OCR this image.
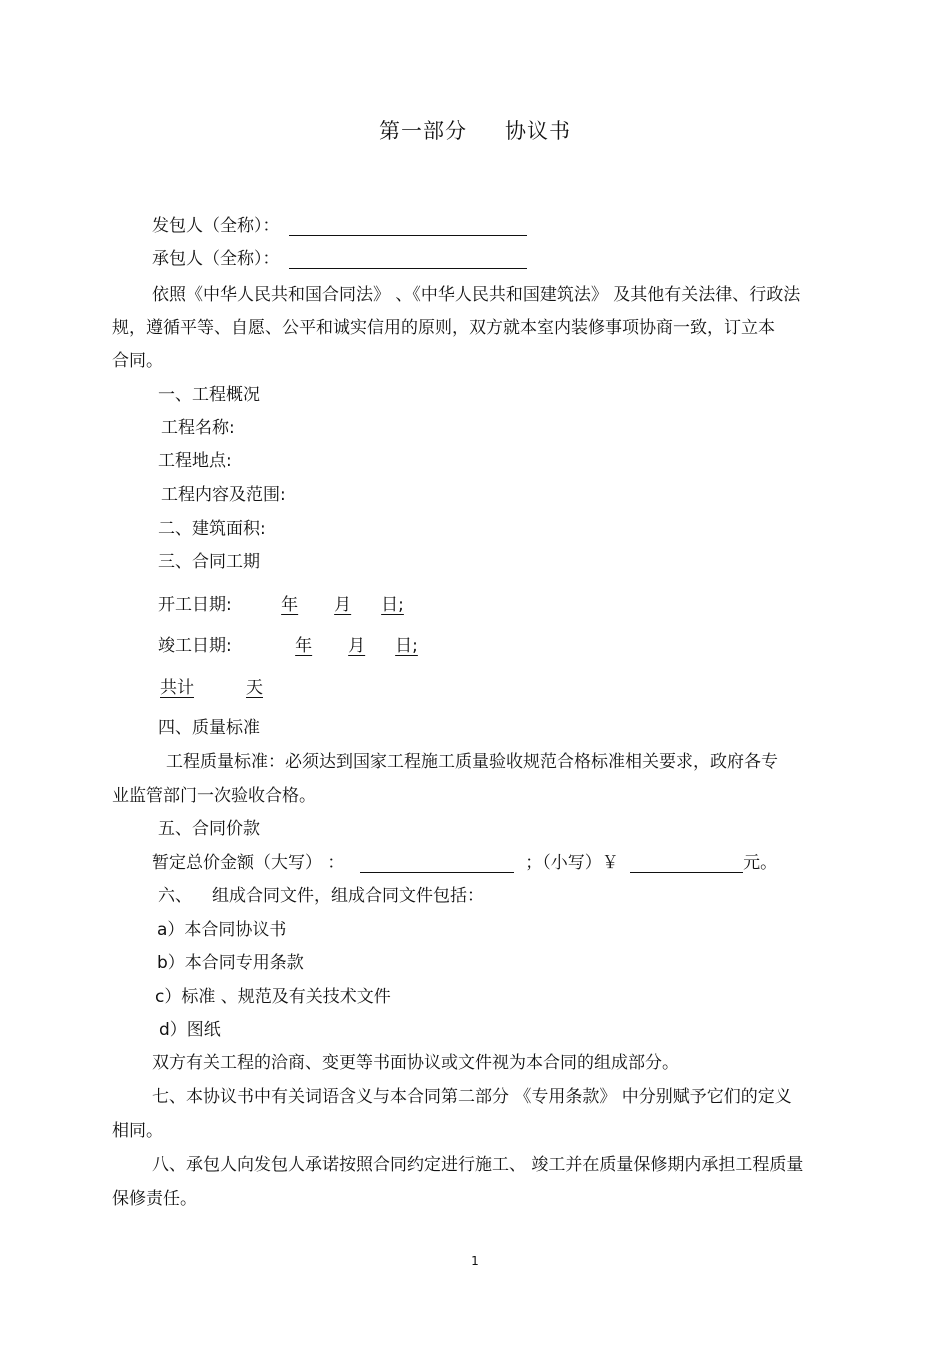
第一部分 协议书
发包人（全称）：
承包人（全称）：
依照《中华人民共和国合同法》 、《中华人民共和国建筑法》 及其他有关法律、行政法
规，遵循平等、自愿、公平和诚实信用的原则，双方就本室内装修事项协商一致，订立本
合同。
一、工程概况
工程名称:
工程地点:
工程内容及范围:
二、建筑面积:
三、合同工期
开工日期:	年 月 日;
竣工日期:	年 月 日;
共计	天
四、质量标准
工程质量标准：必须达到国家工程施工质量验收规范合格标准相关要求，政府各专
业监管部门一次验收合格。
五、合同价款
暂定总价金额（大写） ：	；（小写）￥	元。
六、 组成合同文件，组成合同文件包括：
a）本合同协议书
b）本合同专用条款
c）标准 、规范及有关技术文件
d）图纸
双方有关工程的洽商、变更等书面协议或文件视为本合同的组成部分。
七、本协议书中有关词语含义与本合同第二部分 《专用条款》 中分别赋予它们的定义
相同。
八、承包人向发包人承诺按照合同约定进行施工、 竣工并在质量保修期内承担工程质量
保修责任。
1
